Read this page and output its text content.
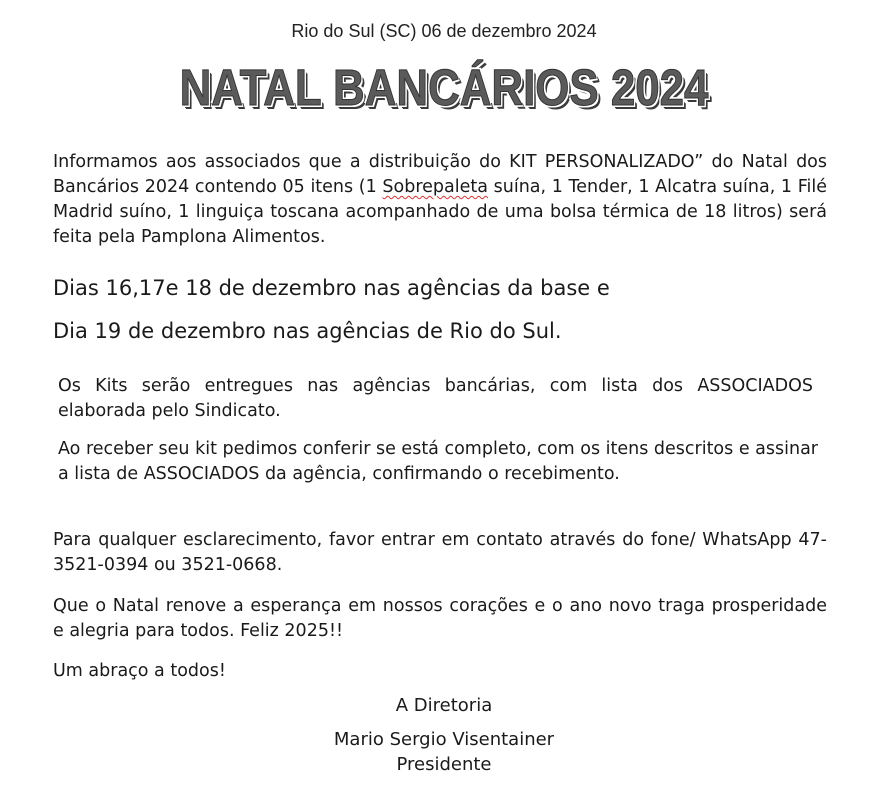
Rio do Sul (SC) 06 de dezembro 2024
NATAL BANCÁRIOS 2024
Informamos aos associados que a distribuição do KIT PERSONALIZADO” do Natal dos Bancários 2024 contendo 05 itens (1 Sobrepaleta suína, 1 Tender, 1 Alcatra suína, 1 Filé Madrid suíno, 1 linguiça toscana acompanhado de uma bolsa térmica de 18 litros) será feita pela Pamplona Alimentos.
Dias 16,17e 18 de dezembro nas agências da base e
Dia 19 de dezembro nas agências de Rio do Sul.
Os Kits serão entregues nas agências bancárias, com lista dos ASSOCIADOS elaborada pelo Sindicato.
Ao receber seu kit pedimos conferir se está completo, com os itens descritos e assinar a lista de ASSOCIADOS da agência, confirmando o recebimento.
Para qualquer esclarecimento, favor entrar em contato através do fone/ WhatsApp 47-3521-0394 ou 3521-0668.
Que o Natal renove a esperança em nossos corações e o ano novo traga prosperidade e alegria para todos. Feliz 2025!!
Um abraço a todos!
A Diretoria
Mario Sergio Visentainer
Presidente
